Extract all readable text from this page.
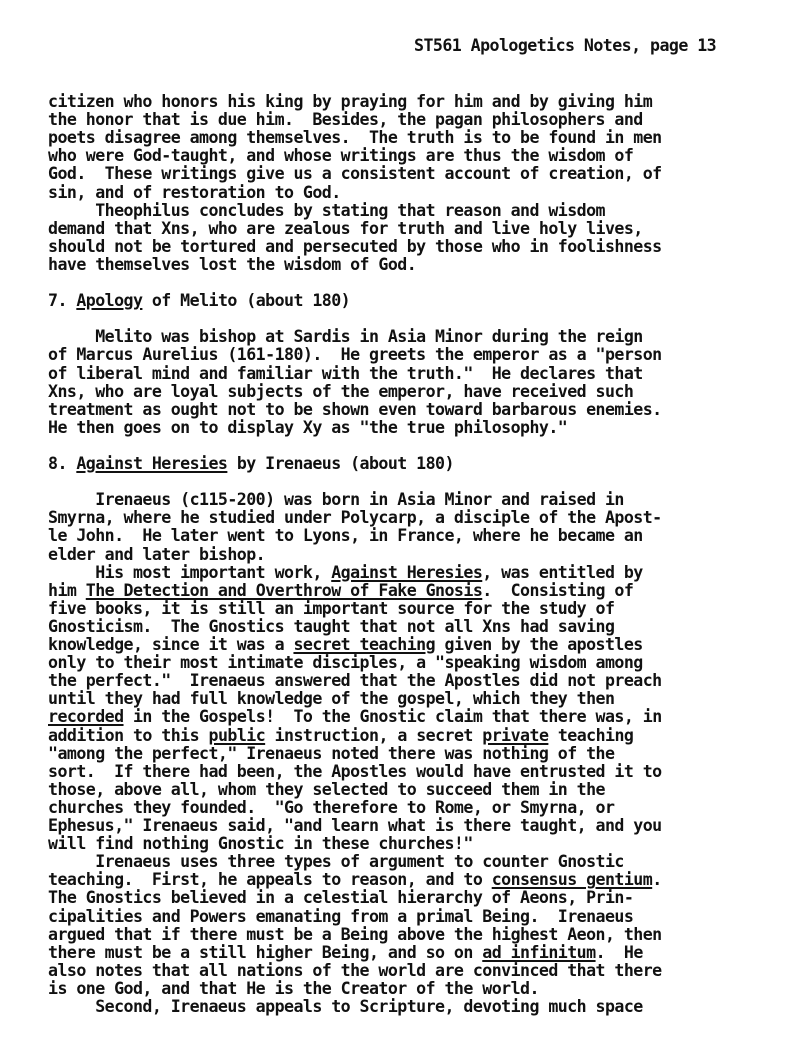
ST561 Apologetics Notes, page 13
citizen who honors his king by praying for him and by giving him
the honor that is due him.  Besides, the pagan philosophers and
poets disagree among themselves.  The truth is to be found in men
who were God-taught, and whose writings are thus the wisdom of
God.  These writings give us a consistent account of creation, of
sin, and of restoration to God.
Theophilus concludes by stating that reason and wisdom
demand that Xns, who are zealous for truth and live holy lives,
should not be tortured and persecuted by those who in foolishness
have themselves lost the wisdom of God.
7. Apology of Melito (about 180)
Melito was bishop at Sardis in Asia Minor during the reign
of Marcus Aurelius (161-180).  He greets the emperor as a "person
of liberal mind and familiar with the truth."  He declares that
Xns, who are loyal subjects of the emperor, have received such
treatment as ought not to be shown even toward barbarous enemies.
He then goes on to display Xy as "the true philosophy."
8. Against Heresies by Irenaeus (about 180)
Irenaeus (c115-200) was born in Asia Minor and raised in
Smyrna, where he studied under Polycarp, a disciple of the Apost-
le John.  He later went to Lyons, in France, where he became an
elder and later bishop.
His most important work, Against Heresies, was entitled by
him The Detection and Overthrow of Fake Gnosis.  Consisting of
five books, it is still an important source for the study of
Gnosticism.  The Gnostics taught that not all Xns had saving
knowledge, since it was a secret teaching given by the apostles
only to their most intimate disciples, a "speaking wisdom among
the perfect."  Irenaeus answered that the Apostles did not preach
until they had full knowledge of the gospel, which they then
recorded in the Gospels!  To the Gnostic claim that there was, in
addition to this public instruction, a secret private teaching
"among the perfect," Irenaeus noted there was nothing of the
sort.  If there had been, the Apostles would have entrusted it to
those, above all, whom they selected to succeed them in the
churches they founded.  "Go therefore to Rome, or Smyrna, or
Ephesus," Irenaeus said, "and learn what is there taught, and you
will find nothing Gnostic in these churches!"
Irenaeus uses three types of argument to counter Gnostic
teaching.  First, he appeals to reason, and to consensus gentium.
The Gnostics believed in a celestial hierarchy of Aeons, Prin-
cipalities and Powers emanating from a primal Being.  Irenaeus
argued that if there must be a Being above the highest Aeon, then
there must be a still higher Being, and so on ad infinitum.  He
also notes that all nations of the world are convinced that there
is one God, and that He is the Creator of the world.
Second, Irenaeus appeals to Scripture, devoting much space
